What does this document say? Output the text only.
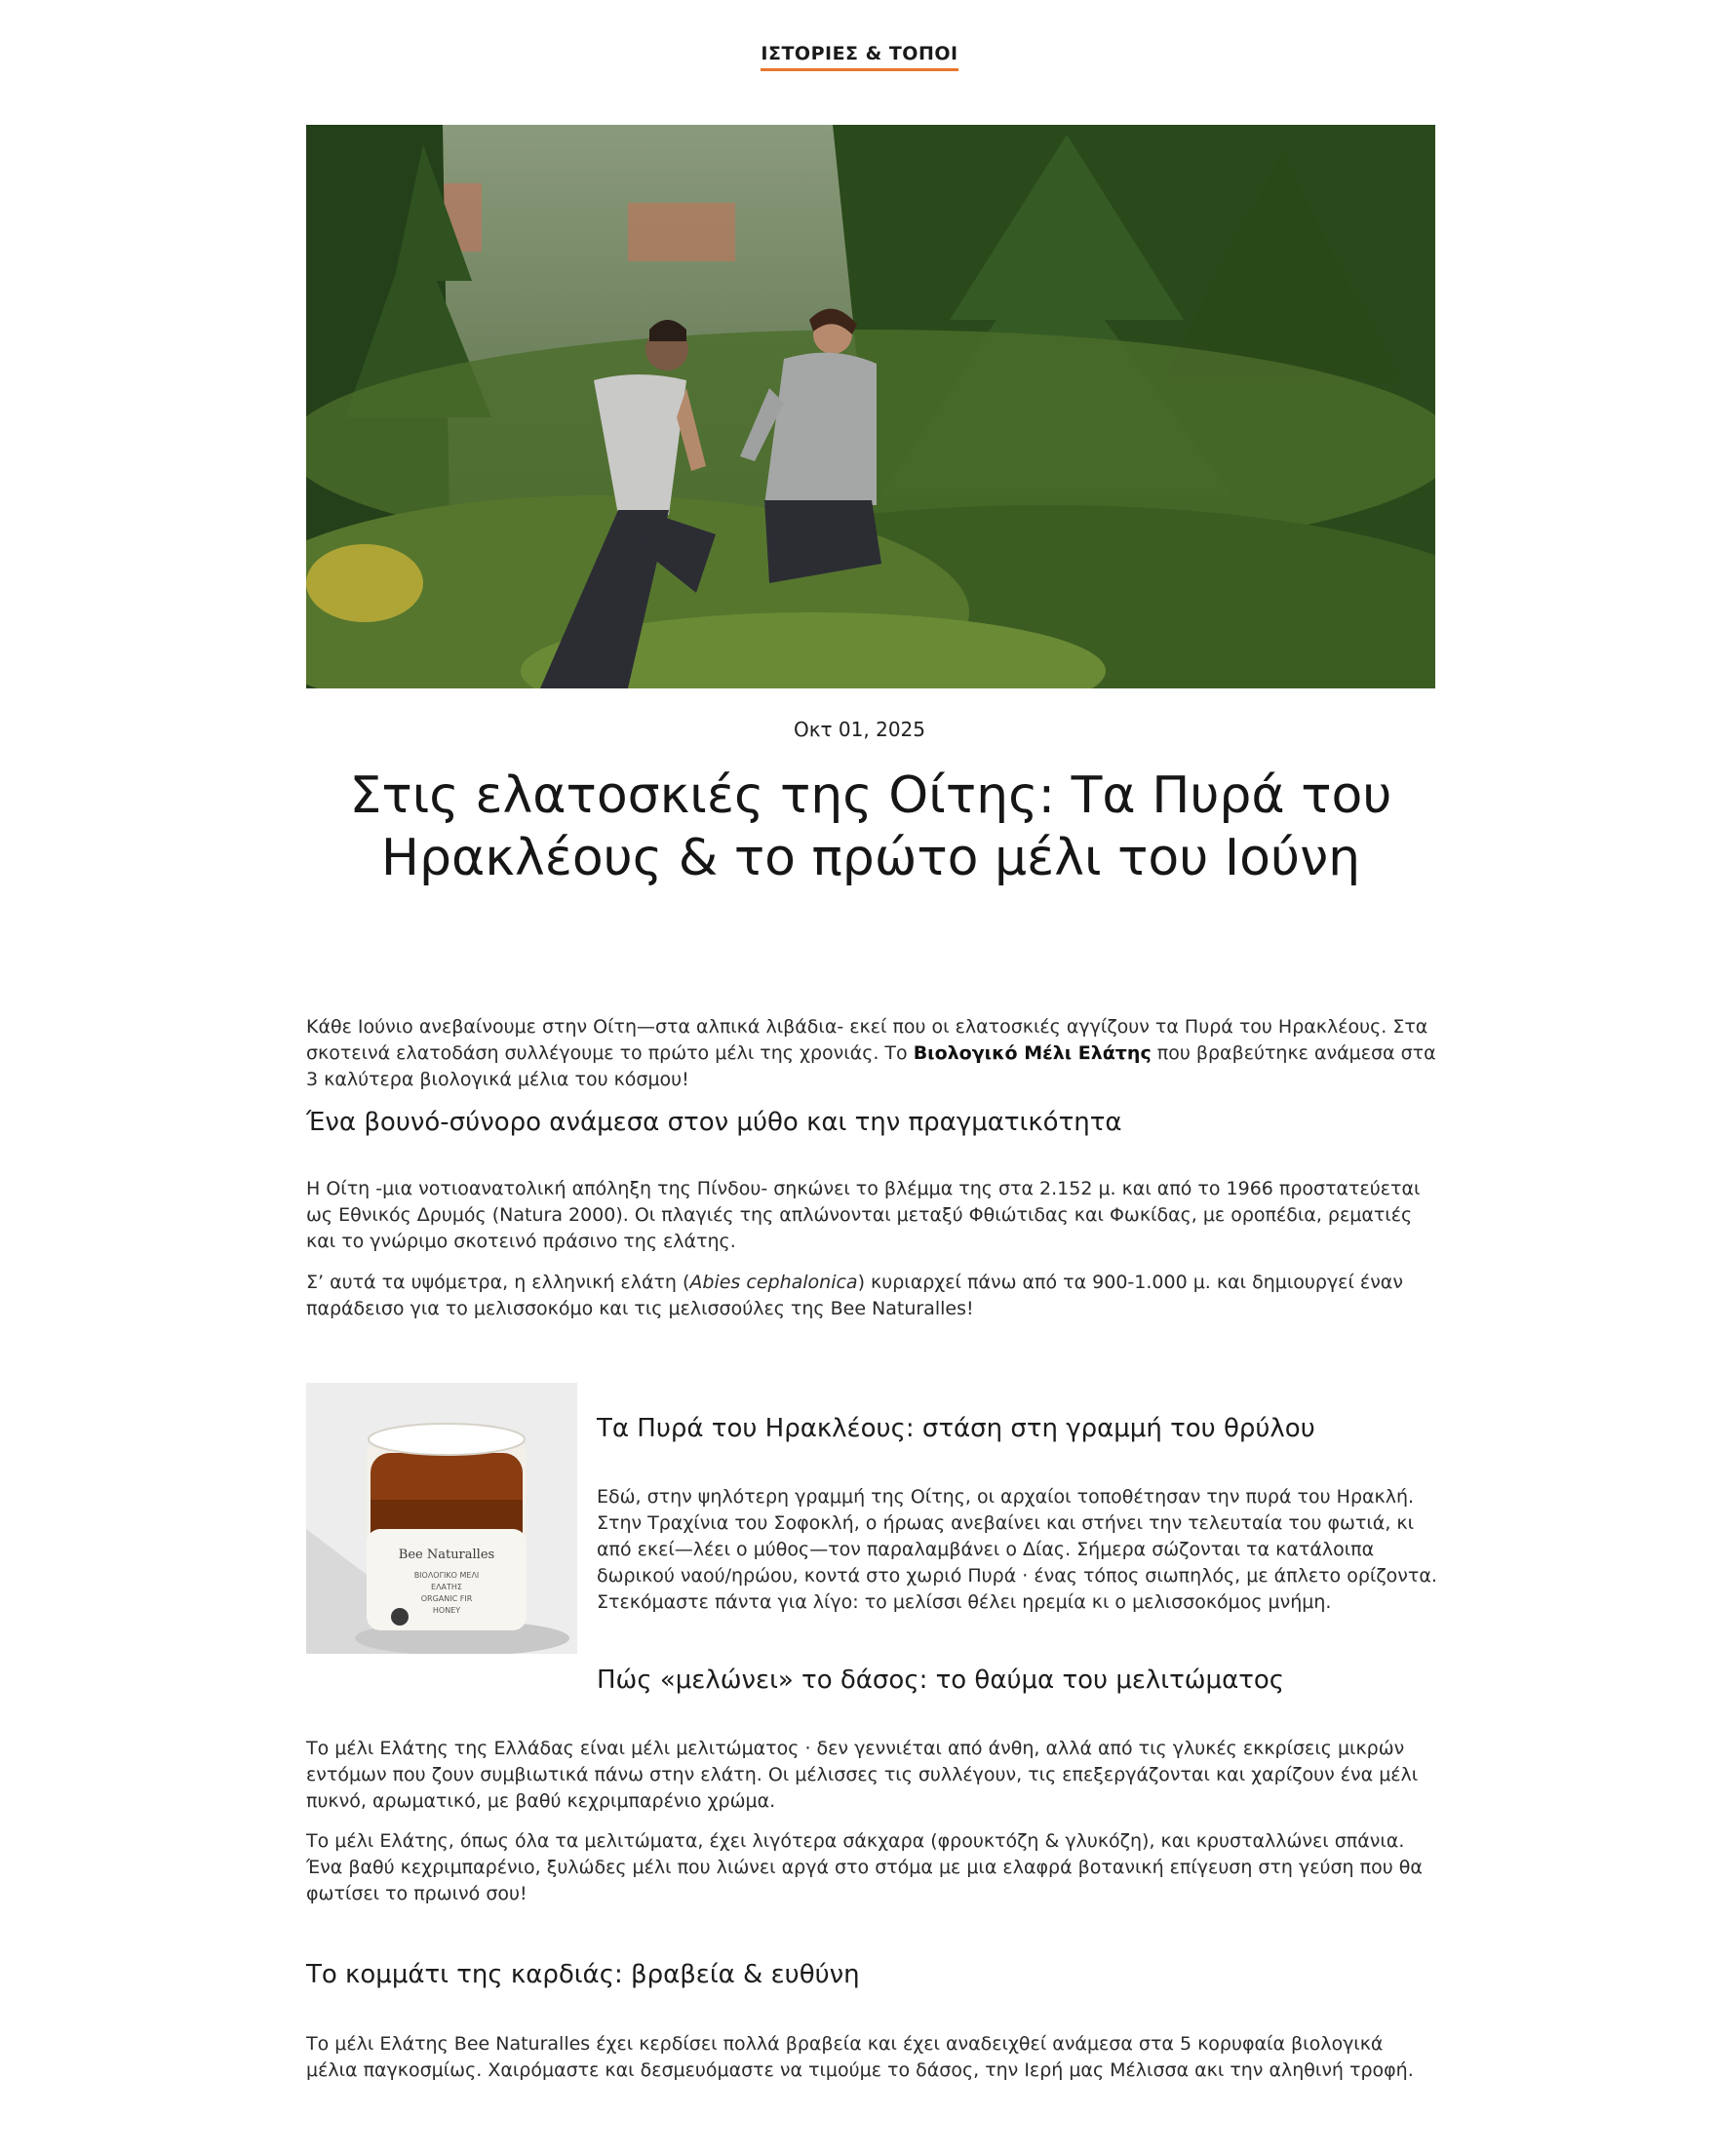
ΙΣΤΟΡΙΕΣ & ΤΟΠΟΙ
Οκτ 01, 2025
Στις ελατοσκιές της Οίτης: Τα Πυρά του Ηρακλέους & το πρώτο μέλι του Ιούνη

Κάθε Ιούνιο ανεβαίνουμε στην Οίτη—στα αλπικά λιβάδια- εκεί που οι ελατοσκιές αγγίζουν τα Πυρά του Ηρακλέους. Στα σκοτεινά ελατοδάση συλλέγουμε το πρώτο μέλι της χρονιάς. Το Βιολογικό Μέλι Ελάτης που βραβεύτηκε ανάμεσα στα 3 καλύτερα βιολογικά μέλια του κόσμου!

Ένα βουνό-σύνορο ανάμεσα στον μύθο και την πραγματικότητα

Η Οίτη -μια νοτιοανατολική απόληξη της Πίνδου- σηκώνει το βλέμμα της στα 2.152 μ. και από το 1966 προστατεύεται ως Εθνικός Δρυμός (Natura 2000). Οι πλαγιές της απλώνονται μεταξύ Φθιώτιδας και Φωκίδας, με οροπέδια, ρεματιές και το γνώριμο σκοτεινό πράσινο της ελάτης.

Σ’ αυτά τα υψόμετρα, η ελληνική ελάτη (Abies cephalonica) κυριαρχεί πάνω από τα 900-1.000 μ. και δημιουργεί έναν παράδεισο για το μελισσοκόμο και τις μελισσούλες της Bee Naturalles!

Bee Naturalles
ΒΙΟΛΟΓΙΚΟ ΜΕΛΙ
ΕΛΑΤΗΣ
ORGANIC FIR
HONEY
Τα Πυρά του Ηρακλέους: στάση στη γραμμή του θρύλου

Εδώ, στην ψηλότερη γραμμή της Οίτης, οι αρχαίοι τοποθέτησαν την πυρά του Ηρακλή. Στην Τραχίνια του Σοφοκλή, ο ήρωας ανεβαίνει και στήνει την τελευταία του φωτιά, κι από εκεί—λέει ο μύθος—τον παραλαμβάνει ο Δίας. Σήμερα σώζονται τα κατάλοιπα δωρικού ναού/ηρώου, κοντά στο χωριό Πυρά · ένας τόπος σιωπηλός, με άπλετο ορίζοντα. Στεκόμαστε πάντα για λίγο: το μελίσσι θέλει ηρεμία κι ο μελισσοκόμος μνήμη.

Πώς «μελώνει» το δάσος: το θαύμα του μελιτώματος

Το μέλι Ελάτης της Ελλάδας είναι μέλι μελιτώματος · δεν γεννιέται από άνθη, αλλά από τις γλυκές εκκρίσεις μικρών εντόμων που ζουν συμβιωτικά πάνω στην ελάτη. Οι μέλισσες τις συλλέγουν, τις επεξεργάζονται και χαρίζουν ένα μέλι πυκνό, αρωματικό, με βαθύ κεχριμπαρένιο χρώμα.

Το μέλι Ελάτης, όπως όλα τα μελιτώματα, έχει λιγότερα σάκχαρα (φρουκτόζη & γλυκόζη), και κρυσταλλώνει σπάνια. Ένα βαθύ κεχριμπαρένιο, ξυλώδες μέλι που λιώνει αργά στο στόμα με μια ελαφρά βοτανική επίγευση στη γεύση που θα φωτίσει το πρωινό σου!

Το κομμάτι της καρδιάς: βραβεία & ευθύνη

Το μέλι Ελάτης Bee Naturalles έχει κερδίσει πολλά βραβεία και έχει αναδειχθεί ανάμεσα στα 5 κορυφαία βιολογικά μέλια παγκοσμίως. Χαιρόμαστε και δεσμευόμαστε να τιμούμε το δάσος, την Ιερή μας Μέλισσα ακι την αληθινή τροφή.
